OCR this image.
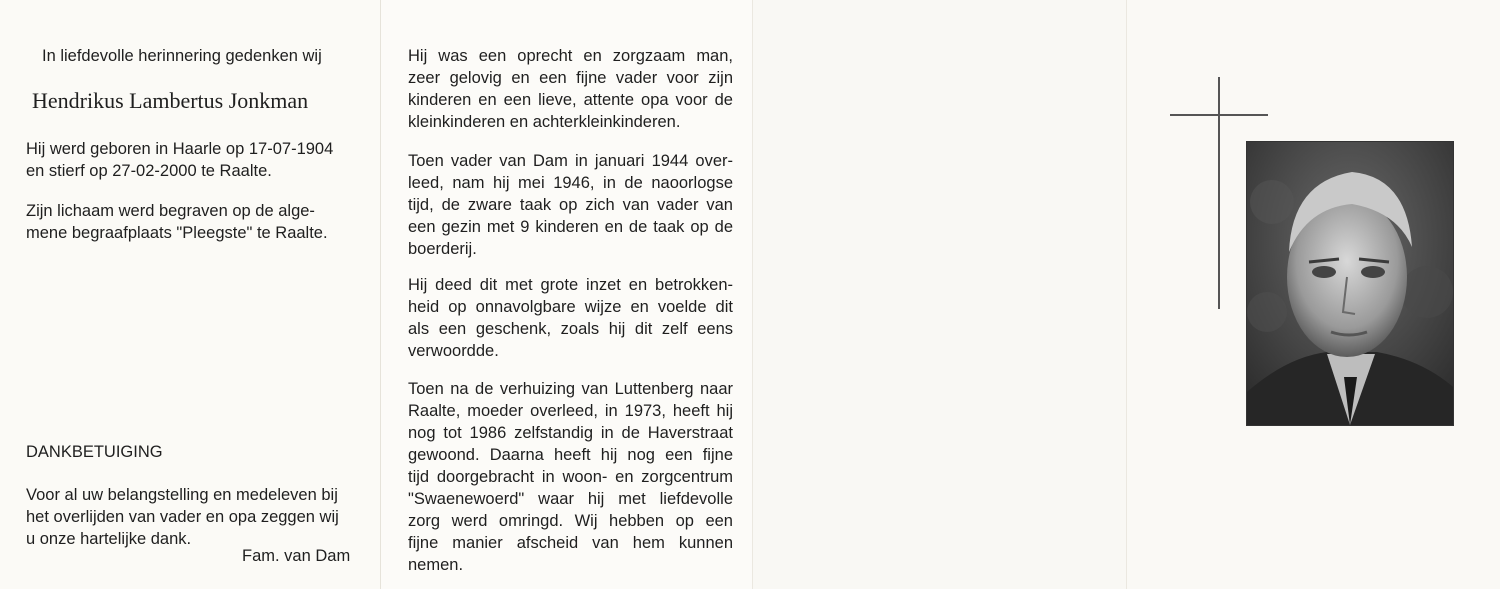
In liefdevolle herinnering gedenken wij
Hendrikus Lambertus Jonkman
Hij werd geboren in Haarle op 17-07-1904
en stierf op 27-02-2000 te Raalte.
Zijn lichaam werd begraven op de alge-
mene begraafplaats "Pleegste" te Raalte.
DANKBETUIGING
Voor al uw belangstelling en medeleven bij
het overlijden van vader en opa zeggen wij
u onze hartelijke dank.
Fam. van Dam
Hij was een oprecht en zorgzaam man,
zeer gelovig en een fijne vader voor zijn
kinderen en een lieve, attente opa voor de
kleinkinderen en achterkleinkinderen.
Toen vader van Dam in januari 1944 over-
leed, nam hij mei 1946, in de naoorlogse
tijd, de zware taak op zich van vader van
een gezin met 9 kinderen en de taak op de
boerderij.
Hij deed dit met grote inzet en betrokken-
heid op onnavolgbare wijze en voelde dit
als een geschenk, zoals hij dit zelf eens
verwoordde.
Toen na de verhuizing van Luttenberg naar
Raalte, moeder overleed, in 1973, heeft hij
nog tot 1986 zelfstandig in de Haverstraat
gewoond. Daarna heeft hij nog een fijne
tijd doorgebracht in woon- en zorgcentrum
"Swaenewoerd" waar hij met liefdevolle
zorg werd omringd. Wij hebben op een
fijne manier afscheid van hem kunnen
nemen.
